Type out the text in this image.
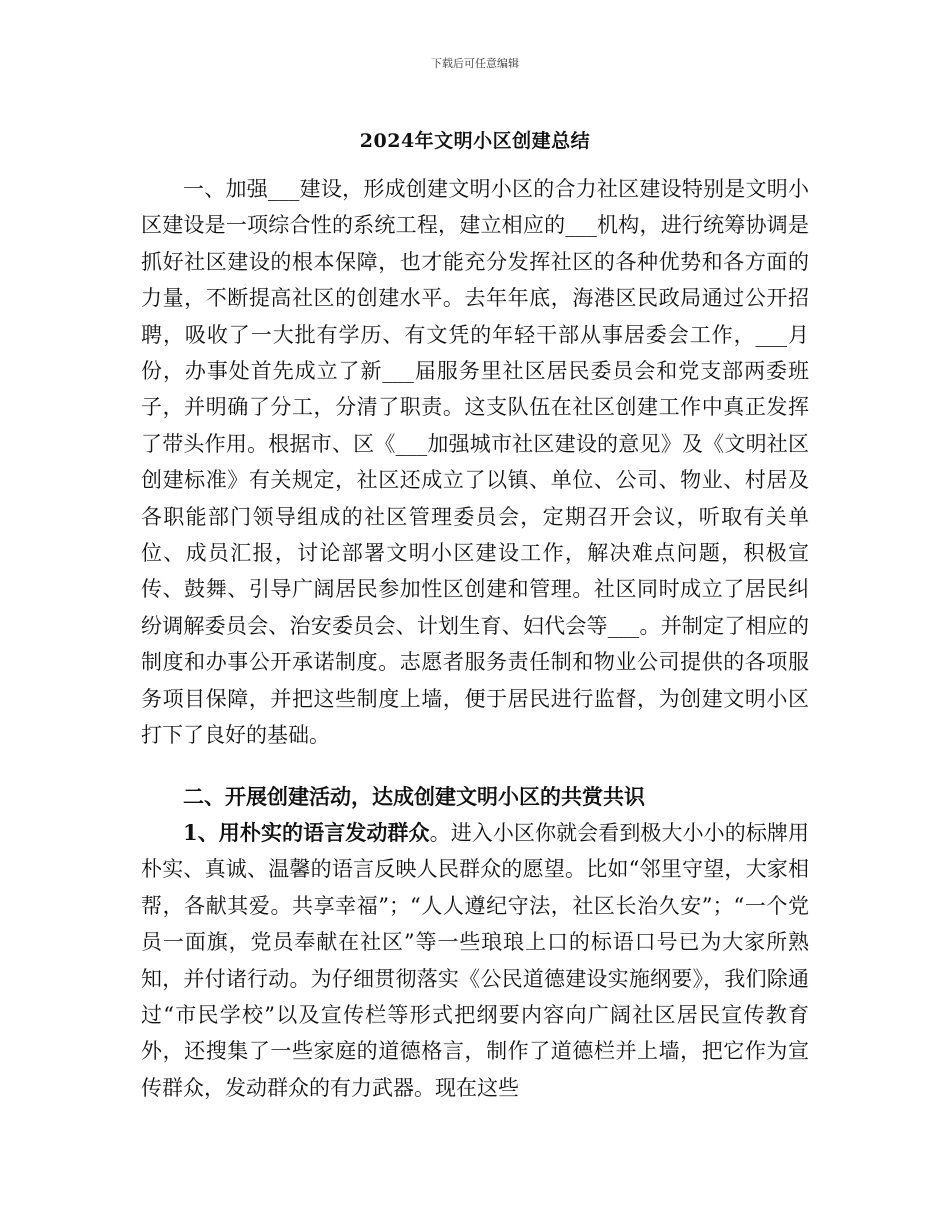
下载后可任意编辑
2024年文明小区创建总结

一、加强___建设，形成创建文明小区的合力社区建设特别是文明小区建设是一项综合性的系统工程，建立相应的___机构，进行统筹协调是抓好社区建设的根本保障，也才能充分发挥社区的各种优势和各方面的力量，不断提高社区的创建水平。去年年底，海港区民政局通过公开招聘，吸收了一大批有学历、有文凭的年轻干部从事居委会工作，___月份，办事处首先成立了新___届服务里社区居民委员会和党支部两委班子，并明确了分工，分清了职责。这支队伍在社区创建工作中真正发挥了带头作用。根据市、区《___加强城市社区建设的意见》及《文明社区创建标准》有关规定，社区还成立了以镇、单位、公司、物业、村居及各职能部门领导组成的社区管理委员会，定期召开会议，听取有关单位、成员汇报，讨论部署文明小区建设工作，解决难点问题，积极宣传、鼓舞、引导广阔居民参加性区创建和管理。社区同时成立了居民纠纷调解委员会、治安委员会、计划生育、妇代会等___。并制定了相应的制度和办事公开承诺制度。志愿者服务责任制和物业公司提供的各项服务项目保障，并把这些制度上墙，便于居民进行监督，为创建文明小区打下了良好的基础。

二、开展创建活动，达成创建文明小区的共赏共识

1、用朴实的语言发动群众。进入小区你就会看到极大小小的标牌用朴实、真诚、温馨的语言反映人民群众的愿望。比如“邻里守望，大家相帮，各献其爱。共享幸福”；“人人遵纪守法，社区长治久安”；“一个党员一面旗，党员奉献在社区”等一些琅琅上口的标语口号已为大家所熟知，并付诸行动。为仔细贯彻落实《公民道德建设实施纲要》，我们除通过“市民学校”以及宣传栏等形式把纲要内容向广阔社区居民宣传教育外，还搜集了一些家庭的道德格言，制作了道德栏并上墙，把它作为宣传群众，发动群众的有力武器。现在这些
